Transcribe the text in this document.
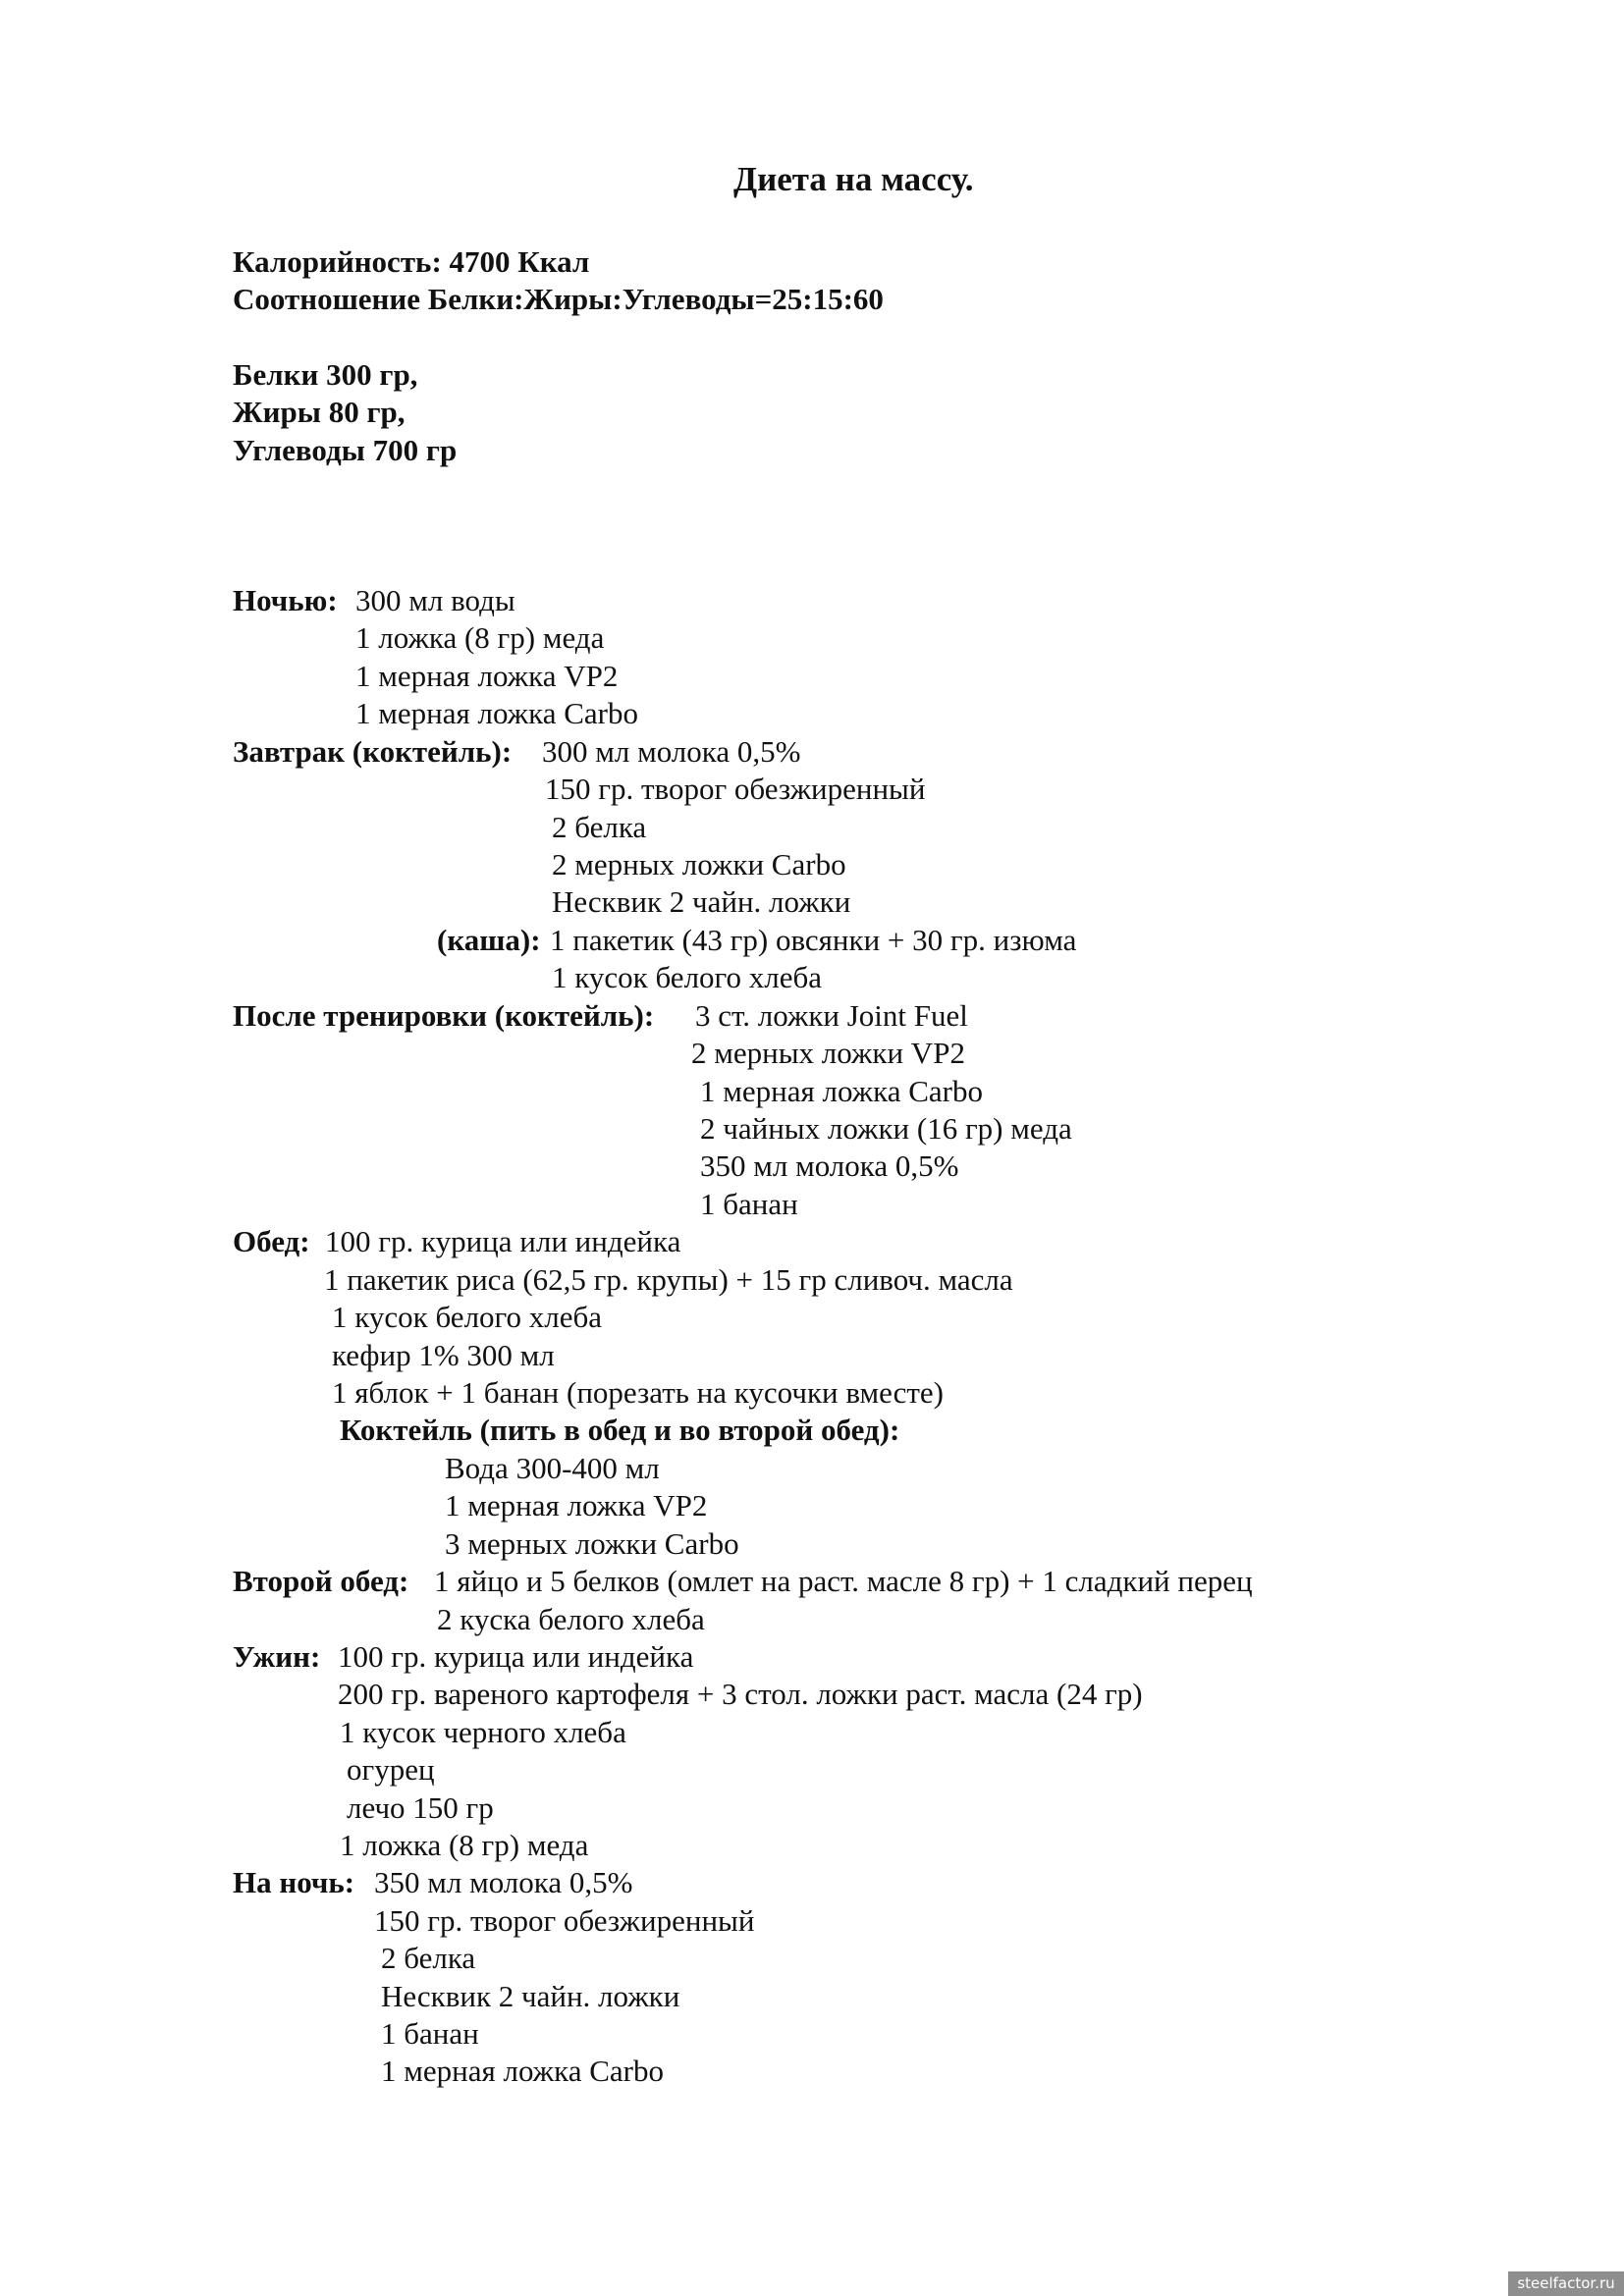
Диета на массу.
Калорийность: 4700 Ккал
Соотношение Белки:Жиры:Углеводы=25:15:60
Белки 300 гр,
Жиры 80 гр,
Углеводы 700 гр
Ночью: 300 мл воды
1 ложка (8 гр) меда
1 мерная ложка VP2
1 мерная ложка Carbo
Завтрак (коктейль): 300 мл молока 0,5%
150 гр. творог обезжиренный
2 белка
2 мерных ложки Carbo
Несквик 2 чайн. ложки
(каша): 1 пакетик (43 гр) овсянки + 30 гр. изюма
1 кусок белого хлеба
После тренировки (коктейль): 3 ст. ложки Joint Fuel
2 мерных ложки VP2
1 мерная ложка Carbo
2 чайных ложки (16 гр) меда
350 мл молока 0,5%
1 банан
Обед: 100 гр. курица или индейка
1 пакетик риса (62,5 гр. крупы) + 15 гр сливоч. масла
1 кусок белого хлеба
кефир 1% 300 мл
1 яблок + 1 банан (порезать на кусочки вместе)
Коктейль (пить в обед и во второй обед):
Вода 300-400 мл
1 мерная ложка VP2
3 мерных ложки Carbo
Второй обед: 1 яйцо и 5 белков (омлет на раст. масле 8 гр) + 1 сладкий перец
2 куска белого хлеба
Ужин: 100 гр. курица или индейка
200 гр. вареного картофеля + 3 стол. ложки раст. масла (24 гр)
1 кусок черного хлеба
огурец
лечо 150 гр
1 ложка (8 гр) меда
На ночь: 350 мл молока 0,5%
150 гр. творог обезжиренный
2 белка
Несквик 2 чайн. ложки
1 банан
1 мерная ложка Carbo
steelfactor.ru
